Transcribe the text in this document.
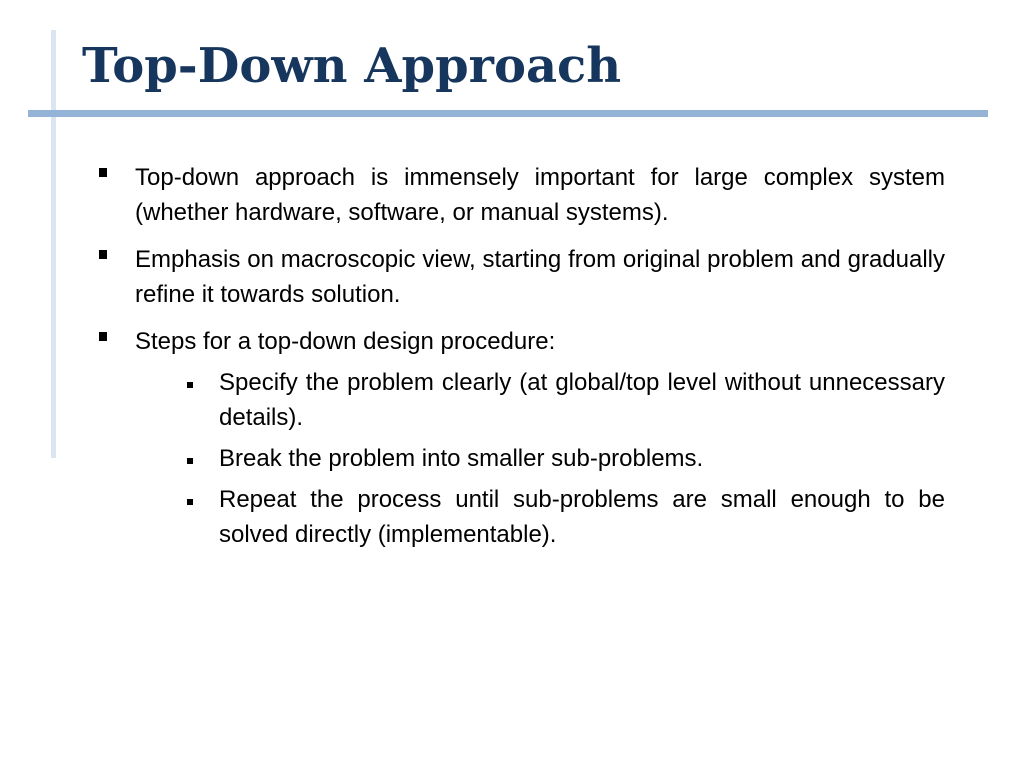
Top-Down Approach
Top-down approach is immensely important for large complex system (whether hardware, software, or manual systems).
Emphasis on macroscopic view, starting from original problem and gradually refine it towards solution.
Steps for a top-down design procedure:
Specify the problem clearly (at global/top level without unnecessary details).
Break the problem into smaller sub-problems.
Repeat the process until sub-problems are small enough to be solved directly (implementable).
